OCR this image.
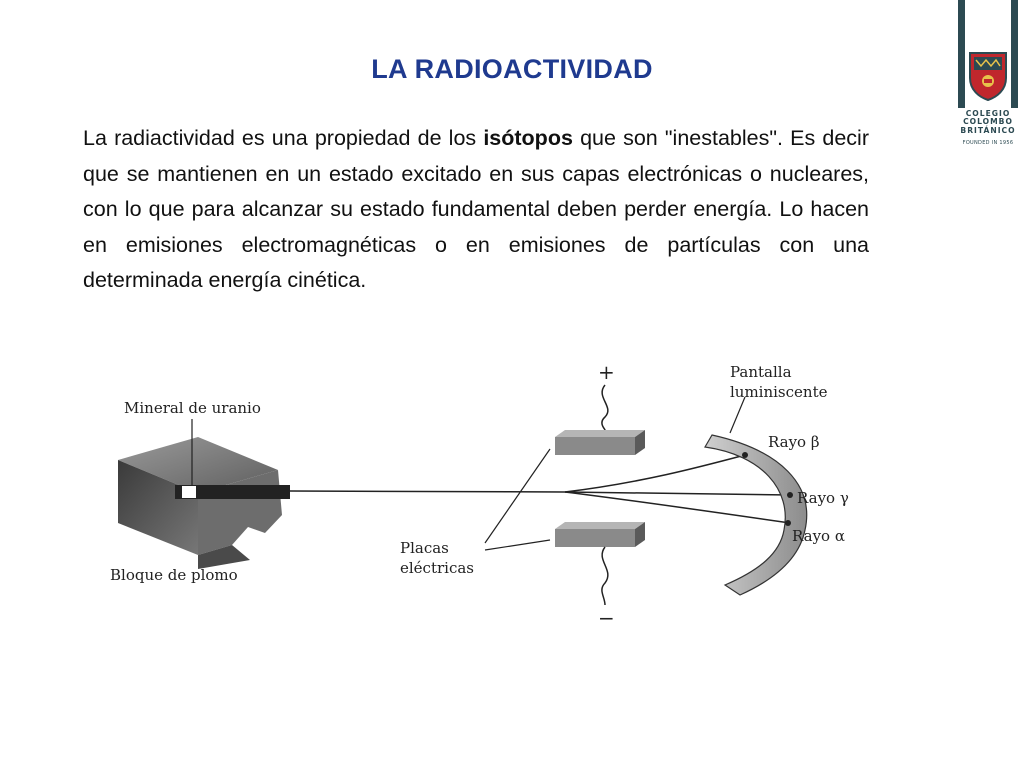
LA RADIOACTIVIDAD
La radiactividad es una propiedad de los isótopos que son "inestables". Es decir que se mantienen en un estado excitado en sus capas electrónicas o nucleares, con lo que para alcanzar su estado fundamental deben perder energía. Lo hacen en emisiones electromagnéticas o en emisiones de partículas con una determinada energía cinética.
COLEGIO
COLOMBO
BRITÁNICO
FOUNDED IN 1956
Mineral de uranio
Bloque de plomo
+
−
Placas
eléctricas
Pantalla
luminiscente
Rayo β
Rayo γ
Rayo α
